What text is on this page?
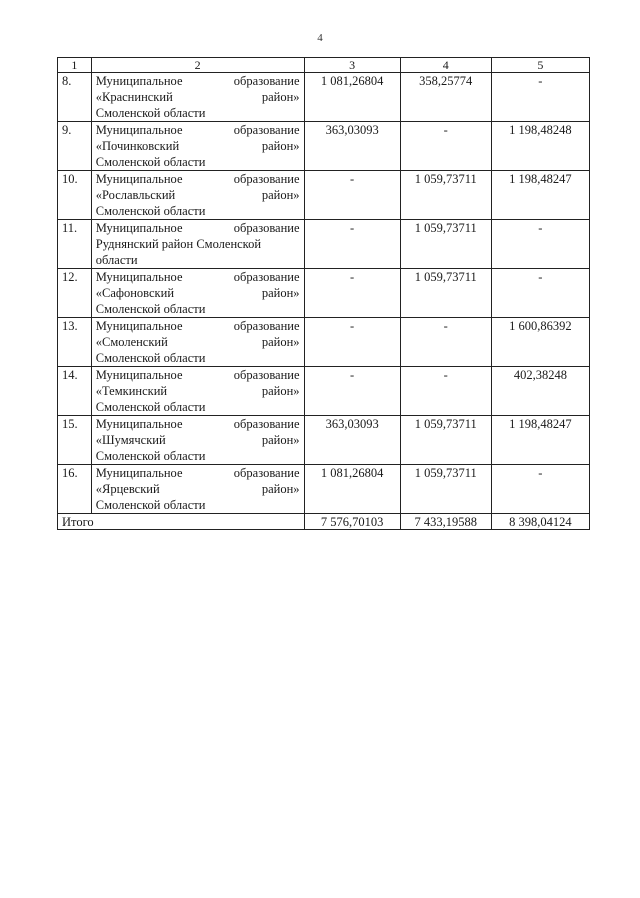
4
1	2	3	4	5
8.	Муниципальное образование
«Краснинский район»
Смоленской области	1 081,26804	358,25774	-
9.	Муниципальное образование
«Починковский район»
Смоленской области	363,03093	-	1 198,48248
10.	Муниципальное образование
«Рославльский район»
Смоленской области	-	1 059,73711	1 198,48247
11.	Муниципальное образование
Руднянский район Смоленской
области	-	1 059,73711	-
12.	Муниципальное образование
«Сафоновский район»
Смоленской области	-	1 059,73711	-
13.	Муниципальное образование
«Смоленский район»
Смоленской области	-	-	1 600,86392
14.	Муниципальное образование
«Темкинский район»
Смоленской области	-	-	402,38248
15.	Муниципальное образование
«Шумячский район»
Смоленской области	363,03093	1 059,73711	1 198,48247
16.	Муниципальное образование
«Ярцевский район»
Смоленской области	1 081,26804	1 059,73711	-
Итого		7 576,70103	7 433,19588	8 398,04124
